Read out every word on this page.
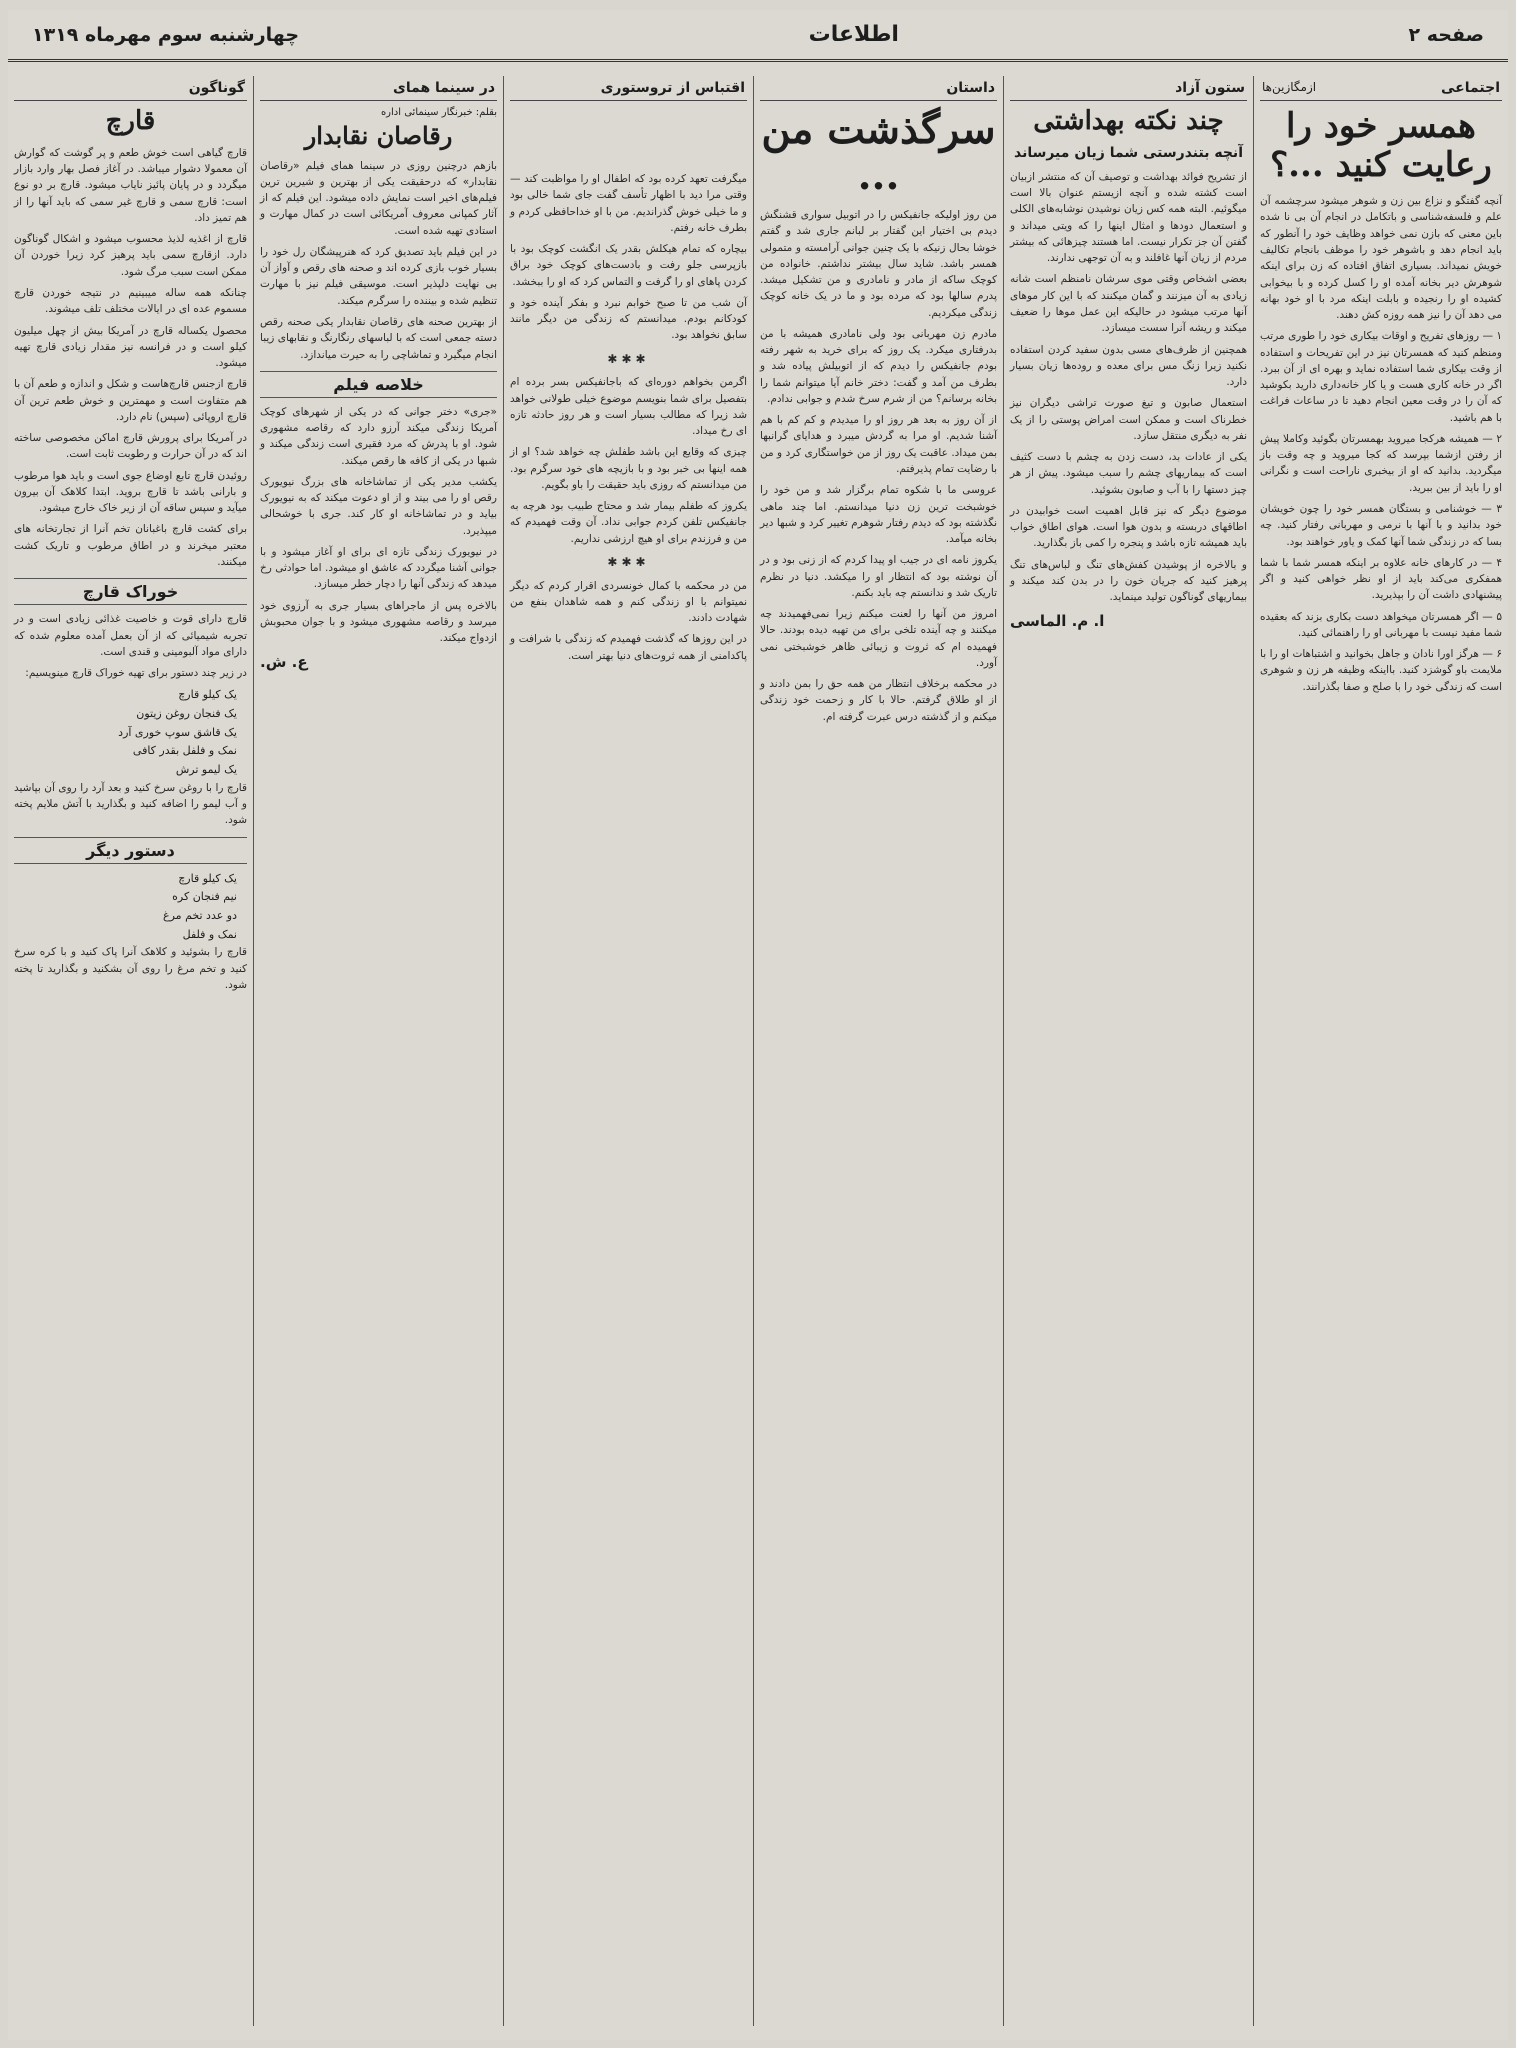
صفحه ۲
اطلاعات
چهارشنبه سوم مهرماه ۱۳۱۹
اجتماعی
ازمگازین‌ها
همسر خود را رعایت کنید ...؟

آنچه گفتگو و نزاع بین زن و شوهر میشود سرچشمه آن علم و فلسفه‌شناسی و باتکامل در انجام آن بی نا شده باین معنی که بازن نمی خواهد وظایف خود را آنطور که باید انجام دهد و باشوهر خود را موظف بانجام تکالیف خویش نمیداند. بسیاری اتفاق افتاده که زن برای اینکه شوهرش دیر بخانه آمده او را کسل کرده و با بیخوابی کشیده او را رنجیده و بابلت اینکه مرد با او خود بهانه می دهد آن را نیز همه روزه کش دهند.

۱ — روزهای تفریح و اوقات بیکاری خود را طوری مرتب ومنظم کنید که همسرتان نیز در این تفریحات و استفاده از وقت بیکاری شما استفاده نماید و بهره ای از آن ببرد. اگر در خانه کاری هست و یا کار خانه‌داری دارید بکوشید که آن را در وقت معین انجام دهید تا در ساعات فراغت با هم باشید.

۲ — همیشه هرکجا میروید بهمسرتان بگوئید وکاملا پیش از رفتن ازشما بپرسد که کجا میروید و چه وقت باز میگردید. بدانید که او از بیخبری ناراحت است و نگرانی او را باید از بین ببرید.

۳ — خوشنامی و بستگان همسر خود را چون خویشان خود بدانید و با آنها با نرمی و مهربانی رفتار کنید. چه بسا که در زندگی شما آنها کمک و یاور خواهند بود.

۴ — در کارهای خانه علاوه بر اینکه همسر شما با شما همفکری می‌کند باید از او نظر خواهی کنید و اگر پیشنهادی داشت آن را بپذیرید.

۵ — اگر همسرتان میخواهد دست بکاری بزند که بعقیده شما مفید نیست با مهربانی او را راهنمائی کنید.

۶ — هرگز اورا نادان و جاهل بخوانید و اشتباهات او را با ملایمت باو گوشزد کنید. بااینکه وظیفه هر زن و شوهری است که زندگی خود را با صلح و صفا بگذرانند.

ستون آزاد
چند نکته بهداشتی
آنچه بتندرستی شما زیان میرساند

از تشریح فوائد بهداشت و توصیف آن که منتشر ازبیان است کشته شده و آنچه ازیستم عنوان بالا است میگوئیم. البته همه کس زیان نوشیدن نوشابه‌های الکلی و استعمال دودها و امثال اینها را که ویتی میداند و گفتن آن جز تکرار نیست. اما هستند چیزهائی که بیشتر مردم از زیان آنها غافلند و به آن توجهی ندارند.

بعضی اشخاص وقتی موی سرشان نامنظم است شانه زیادی به آن میزنند و گمان میکنند که با این کار موهای آنها مرتب میشود در حالیکه این عمل موها را ضعیف میکند و ریشه آنرا سست میسازد.

همچنین از ظرف‌های مسی بدون سفید کردن استفاده نکنید زیرا زنگ مس برای معده و روده‌ها زیان بسیار دارد.

استعمال صابون و تیغ صورت تراشی دیگران نیز خطرناک است و ممکن است امراض پوستی را از یک نفر به دیگری منتقل سازد.

یکی از عادات بد، دست زدن به چشم با دست کثیف است که بیماریهای چشم را سبب میشود. پیش از هر چیز دستها را با آب و صابون بشوئید.

موضوع دیگر که نیز قابل اهمیت است خوابیدن در اطاقهای دربسته و بدون هوا است. هوای اطاق خواب باید همیشه تازه باشد و پنجره را کمی باز بگذارید.

و بالاخره از پوشیدن کفش‌های تنگ و لباس‌های تنگ پرهیز کنید که جریان خون را در بدن کند میکند و بیماریهای گوناگون تولید مینماید.

ا. م. الماسی
داستان
سرگذشت من ...

من روز اولیکه جانفیکس را در اتوبیل سواری قشنگش دیدم بی اختیار این گفتار بر لبانم جاری شد و گفتم خوشا بحال زنیکه با یک چنین جوانی آرامسته و متمولی همسر باشد. شاید سال بیشتر نداشتم. خانواده من کوچک ساکه از مادر و نامادری و من تشکیل میشد. پدرم سالها بود که مرده بود و ما در یک خانه کوچک زندگی میکردیم.

مادرم زن مهربانی بود ولی نامادری همیشه با من بدرفتاری میکرد. یک روز که برای خرید به شهر رفته بودم جانفیکس را دیدم که از اتوبیلش پیاده شد و بطرف من آمد و گفت: دختر خانم آیا میتوانم شما را بخانه برسانم؟ من از شرم سرخ شدم و جوابی ندادم.

از آن روز به بعد هر روز او را میدیدم و کم کم با هم آشنا شدیم. او مرا به گردش میبرد و هدایای گرانبها بمن میداد. عاقبت یک روز از من خواستگاری کرد و من با رضایت تمام پذیرفتم.

عروسی ما با شکوه تمام برگزار شد و من خود را خوشبخت ترین زن دنیا میدانستم. اما چند ماهی نگذشته بود که دیدم رفتار شوهرم تغییر کرد و شبها دیر بخانه میآمد.

یکروز نامه ای در جیب او پیدا کردم که از زنی بود و در آن نوشته بود که انتظار او را میکشد. دنیا در نظرم تاریک شد و ندانستم چه باید بکنم.

امروز من آنها را لعنت میکنم زیرا نمی‌فهمیدند چه میکنند و چه آینده تلخی برای من تهیه دیده بودند. حالا فهمیده ام که ثروت و زیبائی ظاهر خوشبختی نمی آورد.

در محکمه برخلاف انتظار من همه حق را بمن دادند و از او طلاق گرفتم. حالا با کار و زحمت خود زندگی میکنم و از گذشته درس عبرت گرفته ام.

اقتباس از تروستوری

میگرفت تعهد کرده بود که اطفال او را مواظبت کند — وقتی مرا دید با اظهار تأسف گفت جای شما خالی بود و ما خیلی خوش گذراندیم. من با او خداحافظی کردم و بطرف خانه رفتم.

بیچاره که تمام هیکلش بقدر یک انگشت کوچک بود با بازپرسی جلو رفت و بادست‌های کوچک خود براق کردن پاهای او را گرفت و التماس کرد که او را ببخشد.

آن شب من تا صبح خوابم نبرد و بفکر آینده خود و کودکانم بودم. میدانستم که زندگی من دیگر مانند سابق نخواهد بود.

✱✱✱

اگرمن بخواهم دوره‌ای که باجانفیکس بسر برده ام بتفصیل برای شما بنویسم موضوع خیلی طولانی خواهد شد زیرا که مطالب بسیار است و هر روز حادثه تازه ای رخ میداد.

چیزی که وقایع این باشد طفلش چه خواهد شد؟ او از همه اینها بی خبر بود و با بازیچه های خود سرگرم بود. من میدانستم که روزی باید حقیقت را باو بگویم.

یکروز که طفلم بیمار شد و محتاج طبیب بود هرچه به جانفیکس تلفن کردم جوابی نداد. آن وقت فهمیدم که من و فرزندم برای او هیچ ارزشی نداریم.

✱✱✱

من در محکمه با کمال خونسردی اقرار کردم که دیگر نمیتوانم با او زندگی کنم و همه شاهدان بنفع من شهادت دادند.

در این روزها که گذشت فهمیدم که زندگی با شرافت و پاکدامنی از همه ثروت‌های دنیا بهتر است.

در سینما همای
بقلم: خبرنگار سینمائی اداره
رقاصان نقابدار

بازهم درچنین روزی در سینما همای فیلم «رقاصان نقابدار» که درحقیقت یکی از بهترین و شیرین ترین فیلم‌های اخیر است نمایش داده میشود. این فیلم که از آثار کمپانی معروف آمریکائی است در کمال مهارت و استادی تهیه شده است.

در این فیلم باید تصدیق کرد که هنرپیشگان رل خود را بسیار خوب بازی کرده اند و صحنه های رقص و آواز آن بی نهایت دلپذیر است. موسیقی فیلم نیز با مهارت تنظیم شده و بیننده را سرگرم میکند.

از بهترین صحنه های رقاصان نقابدار یکی صحنه رقص دسته جمعی است که با لباسهای رنگارنگ و نقابهای زیبا انجام میگیرد و تماشاچی را به حیرت میاندازد.

خلاصه فیلم

«جری» دختر جوانی که در یکی از شهرهای کوچک آمریکا زندگی میکند آرزو دارد که رقاصه مشهوری شود. او با پدرش که مرد فقیری است زندگی میکند و شبها در یکی از کافه ها رقص میکند.

یکشب مدیر یکی از تماشاخانه های بزرگ نیویورک رقص او را می بیند و از او دعوت میکند که به نیویورک بیاید و در تماشاخانه او کار کند. جری با خوشحالی میپذیرد.

در نیویورک زندگی تازه ای برای او آغاز میشود و با جوانی آشنا میگردد که عاشق او میشود. اما حوادثی رخ میدهد که زندگی آنها را دچار خطر میسازد.

بالاخره پس از ماجراهای بسیار جری به آرزوی خود میرسد و رقاصه مشهوری میشود و با جوان محبوبش ازدواج میکند.

ع. ش.
گوناگون
قارچ

قارچ گیاهی است خوش طعم و پر گوشت که گوارش آن معمولا دشوار میباشد. در آغاز فصل بهار وارد بازار میگردد و در پایان پائیز نایاب میشود. قارچ بر دو نوع است: قارچ سمی و قارچ غیر سمی که باید آنها را از هم تمیز داد.

قارچ از اغذیه لذیذ محسوب میشود و اشکال گوناگون دارد. ازقارچ سمی باید پرهیز کرد زیرا خوردن آن ممکن است سبب مرگ شود.

چنانکه همه ساله میبینیم در نتیجه خوردن قارچ مسموم عده ای در ایالات مختلف تلف میشوند.

محصول یکساله قارچ در آمریکا بیش از چهل میلیون کیلو است و در فرانسه نیز مقدار زیادی قارچ تهیه میشود.

قارچ ازجنس قارچ‌هاست و شکل و اندازه و طعم آن با هم متفاوت است و مهمترین و خوش طعم ترین آن قارچ اروپائی (سپس) نام دارد.

در آمریکا برای پرورش قارچ اماکن مخصوصی ساخته اند که در آن حرارت و رطوبت ثابت است.

روئیدن قارچ تابع اوضاع جوی است و باید هوا مرطوب و بارانی باشد تا قارچ بروید. ابتدا کلاهک آن بیرون میآید و سپس ساقه آن از زیر خاک خارج میشود.

برای کشت قارچ باغبانان تخم آنرا از تجارتخانه های معتبر میخرند و در اطاق مرطوب و تاریک کشت میکنند.

خوراک قارچ

قارچ دارای قوت و خاصیت غذائی زیادی است و در تجربه شیمیائی که از آن بعمل آمده معلوم شده که دارای مواد آلبومینی و قندی است.

در زیر چند دستور برای تهیه خوراک قارچ مینویسیم:

یک کیلو قارچ
یک فنجان روغن زیتون
یک قاشق سوپ خوری آرد
نمک و فلفل بقدر کافی
یک لیمو ترش

قارچ را با روغن سرخ کنید و بعد آرد را روی آن بپاشید و آب لیمو را اضافه کنید و بگذارید با آتش ملایم پخته شود.

دستور دیگر
یک کیلو قارچ
نیم فنجان کره
دو عدد تخم مرغ
نمک و فلفل

قارچ را بشوئید و کلاهک آنرا پاک کنید و با کره سرخ کنید و تخم مرغ را روی آن بشکنید و بگذارید تا پخته شود.
